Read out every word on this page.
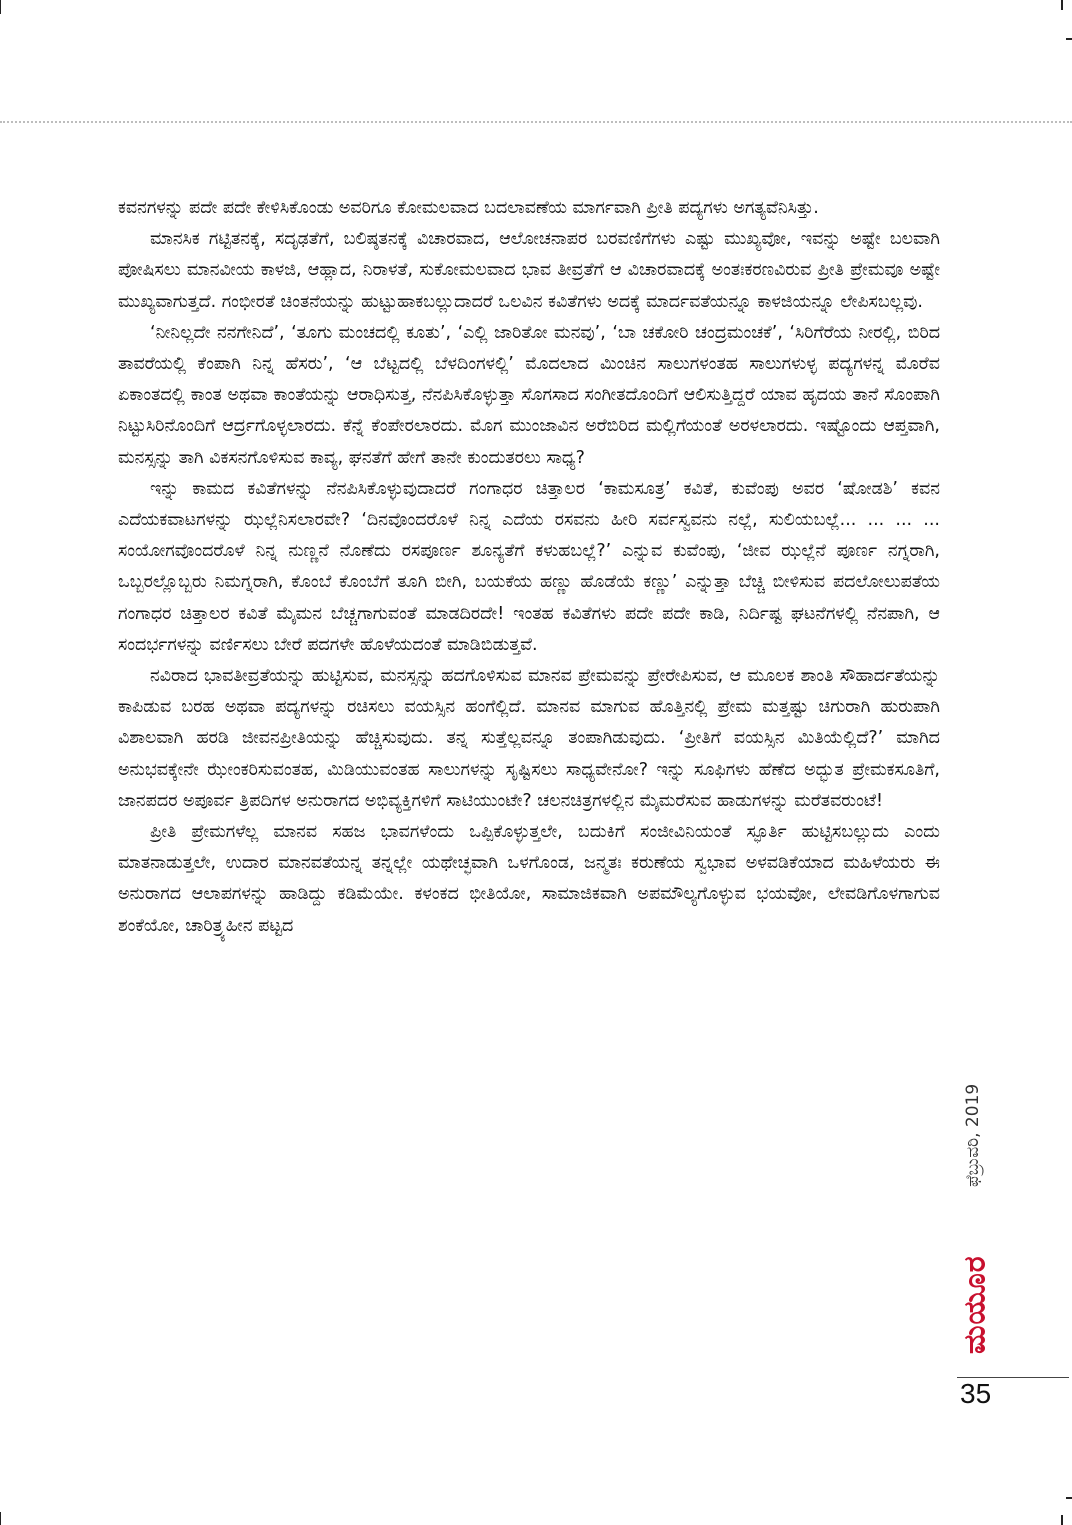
ಕವನಗಳನ್ನು ಪದೇ ಪದೇ ಕೇಳಿಸಿಕೊಂಡು ಅವರಿಗೂ ಕೋಮಲವಾದ ಬದಲಾವಣೆಯ ಮಾರ್ಗವಾಗಿ ಪ್ರೀತಿ ಪದ್ಯಗಳು ಅಗತ್ಯವೆನಿಸಿತ್ತು.

ಮಾನಸಿಕ ಗಟ್ಟಿತನಕ್ಕೆ, ಸದೃಢತೆಗೆ, ಬಲಿಷ್ಠತನಕ್ಕೆ ವಿಚಾರವಾದ, ಆಲೋಚನಾಪರ ಬರವಣಿಗೆಗಳು ಎಷ್ಟು ಮುಖ್ಯವೋ, ಇವನ್ನು ಅಷ್ಟೇ ಬಲವಾಗಿ ಪೋಷಿಸಲು ಮಾನವೀಯ ಕಾಳಜಿ, ಆಹ್ಲಾದ, ನಿರಾಳತೆ, ಸುಕೋಮಲವಾದ ಭಾವ ತೀವ್ರತೆಗೆ ಆ ವಿಚಾರವಾದಕ್ಕೆ ಅಂತಃಕರಣವಿರುವ ಪ್ರೀತಿ ಪ್ರೇಮವೂ ಅಷ್ಟೇ ಮುಖ್ಯವಾಗುತ್ತದೆ. ಗಂಭೀರತೆ ಚಿಂತನೆಯನ್ನು ಹುಟ್ಟುಹಾಕಬಲ್ಲುದಾದರೆ ಒಲವಿನ ಕವಿತೆಗಳು ಅದಕ್ಕೆ ಮಾರ್ದವತೆಯನ್ನೂ ಕಾಳಜಿಯನ್ನೂ ಲೇಪಿಸಬಲ್ಲವು.

‘ನೀನಿಲ್ಲದೇ ನನಗೇನಿದೆ’, ‘ತೂಗು ಮಂಚದಲ್ಲಿ ಕೂತು’, ‘ಎಲ್ಲಿ ಜಾರಿತೋ ಮನವು’, ‘ಬಾ ಚಕೋರಿ ಚಂದ್ರಮಂಚಕೆ’, ‘ಸಿರಿಗೆರೆಯ ನೀರಲ್ಲಿ, ಬಿರಿದ ತಾವರೆಯಲ್ಲಿ ಕೆಂಪಾಗಿ ನಿನ್ನ ಹೆಸರು’, ‘ಆ ಬೆಟ್ಟದಲ್ಲಿ ಬೆಳದಿಂಗಳಲ್ಲಿ’ ಮೊದಲಾದ ಮಿಂಚಿನ ಸಾಲುಗಳಂತಹ ಸಾಲುಗಳುಳ್ಳ ಪದ್ಯಗಳನ್ನ ಮೊರೆವ ಏಕಾಂತದಲ್ಲಿ ಕಾಂತ ಅಥವಾ ಕಾಂತೆಯನ್ನು ಆರಾಧಿಸುತ್ತ, ನೆನಪಿಸಿಕೊಳ್ಳುತ್ತಾ ಸೊಗಸಾದ ಸಂಗೀತದೊಂದಿಗೆ ಆಲಿಸುತ್ತಿದ್ದರೆ ಯಾವ ಹೃದಯ ತಾನೆ ಸೊಂಪಾಗಿ ನಿಟ್ಟುಸಿರಿನೊಂದಿಗೆ ಆರ್ದ್ರಗೊಳ್ಳಲಾರದು. ಕೆನ್ನೆ ಕೆಂಪೇರಲಾರದು. ಮೊಗ ಮುಂಜಾವಿನ ಅರೆಬಿರಿದ ಮಲ್ಲಿಗೆಯಂತೆ ಅರಳಲಾರದು. ಇಷ್ಟೊಂದು ಆಪ್ತವಾಗಿ, ಮನಸ್ಸನ್ನು ತಾಗಿ ವಿಕಸನಗೊಳಿಸುವ ಕಾವ್ಯ, ಘನತೆಗೆ ಹೇಗೆ ತಾನೇ ಕುಂದುತರಲು ಸಾಧ್ಯ?

ಇನ್ನು ಕಾಮದ ಕವಿತೆಗಳನ್ನು ನೆನಪಿಸಿಕೊಳ್ಳುವುದಾದರೆ ಗಂಗಾಧರ ಚಿತ್ತಾಲರ ‘ಕಾಮಸೂತ್ರ’ ಕವಿತೆ, ಕುವೆಂಪು ಅವರ ‘ಷೋಡಶಿ’ ಕವನ ಎದೆಯಕವಾಟಗಳನ್ನು ಝಲ್ಲೆನಿಸಲಾರವೇ? ‘ದಿನವೊಂದರೊಳೆ ನಿನ್ನ ಎದೆಯ ರಸವನು ಹೀರಿ ಸರ್ವಸ್ವವನು ನಲ್ಲೆ, ಸುಲಿಯಬಲ್ಲೆ... ... ... ... ಸಂಯೋಗವೊಂದರೊಳೆ ನಿನ್ನ ನುಣ್ಣನೆ ನೊಣೆದು ರಸಪೂರ್ಣ ಶೂನ್ಯತೆಗೆ ಕಳುಹಬಲ್ಲೆ?’ ಎನ್ನುವ ಕುವೆಂಪು, ‘ಜೀವ ಝಲ್ಲೆನೆ ಪೂರ್ಣ ನಗ್ನರಾಗಿ, ಒಬ್ಬರಲ್ಲೊಬ್ಬರು ನಿಮಗ್ನರಾಗಿ, ಕೊಂಬೆ ಕೊಂಬೆಗೆ ತೂಗಿ ಬೀಗಿ, ಬಯಕೆಯ ಹಣ್ಣು ಹೊಡೆಯೆ ಕಣ್ಣು’ ಎನ್ನುತ್ತಾ ಬೆಚ್ಚಿ ಬೀಳಿಸುವ ಪದಲೋಲುಪತೆಯ ಗಂಗಾಧರ ಚಿತ್ತಾಲರ ಕವಿತೆ ಮೈಮನ ಬೆಚ್ಚಗಾಗುವಂತೆ ಮಾಡದಿರದೇ! ಇಂತಹ ಕವಿತೆಗಳು ಪದೇ ಪದೇ ಕಾಡಿ, ನಿರ್ದಿಷ್ಟ ಘಟನೆಗಳಲ್ಲಿ ನೆನಪಾಗಿ, ಆ ಸಂದರ್ಭಗಳನ್ನು ವರ್ಣಿಸಲು ಬೇರೆ ಪದಗಳೇ ಹೊಳೆಯದಂತೆ ಮಾಡಿಬಿಡುತ್ತವೆ.

ನವಿರಾದ ಭಾವತೀವ್ರತೆಯನ್ನು ಹುಟ್ಟಿಸುವ, ಮನಸ್ಸನ್ನು ಹದಗೊಳಿಸುವ ಮಾನವ ಪ್ರೇಮವನ್ನು ಪ್ರೇರೇಪಿಸುವ, ಆ ಮೂಲಕ ಶಾಂತಿ ಸೌಹಾರ್ದತೆಯನ್ನು ಕಾಪಿಡುವ ಬರಹ ಅಥವಾ ಪದ್ಯಗಳನ್ನು ರಚಿಸಲು ವಯಸ್ಸಿನ ಹಂಗೆಲ್ಲಿದೆ. ಮಾನವ ಮಾಗುವ ಹೊತ್ತಿನಲ್ಲಿ ಪ್ರೇಮ ಮತ್ತಷ್ಟು ಚಿಗುರಾಗಿ ಹುರುಪಾಗಿ ವಿಶಾಲವಾಗಿ ಹರಡಿ ಜೀವನಪ್ರೀತಿಯನ್ನು ಹೆಚ್ಚಿಸುವುದು. ತನ್ನ ಸುತ್ತೆಲ್ಲವನ್ನೂ ತಂಪಾಗಿಡುವುದು. ‘ಪ್ರೀತಿಗೆ ವಯಸ್ಸಿನ ಮಿತಿಯೆಲ್ಲಿದೆ?’ ಮಾಗಿದ ಅನುಭವಕ್ಕೇನೇ ಝೇಂಕರಿಸುವಂತಹ, ಮಿಡಿಯುವಂತಹ ಸಾಲುಗಳನ್ನು ಸೃಷ್ಟಿಸಲು ಸಾಧ್ಯವೇನೋ? ಇನ್ನು ಸೂಫಿಗಳು ಹೆಣೆದ ಅದ್ಭುತ ಪ್ರೇಮಕಸೂತಿಗೆ, ಜಾನಪದರ ಅಪೂರ್ವ ತ್ರಿಪದಿಗಳ ಅನುರಾಗದ ಅಭಿವ್ಯಕ್ತಿಗಳಿಗೆ ಸಾಟಿಯುಂಟೇ? ಚಲನಚಿತ್ರಗಳಲ್ಲಿನ ಮೈಮರೆಸುವ ಹಾಡುಗಳನ್ನು ಮರೆತವರುಂಟೆ!

ಪ್ರೀತಿ ಪ್ರೇಮಗಳೆಲ್ಲ ಮಾನವ ಸಹಜ ಭಾವಗಳೆಂದು ಒಪ್ಪಿಕೊಳ್ಳುತ್ತಲೇ, ಬದುಕಿಗೆ ಸಂಜೀವಿನಿಯಂತೆ ಸ್ಫೂರ್ತಿ ಹುಟ್ಟಿಸಬಲ್ಲುದು ಎಂದು ಮಾತನಾಡುತ್ತಲೇ, ಉದಾರ ಮಾನವತೆಯನ್ನ ತನ್ನಲ್ಲೇ ಯಥೇಚ್ಛವಾಗಿ ಒಳಗೊಂಡ, ಜನ್ಮತಃ ಕರುಣೆಯ ಸ್ವಭಾವ ಅಳವಡಿಕೆಯಾದ ಮಹಿಳೆಯರು ಈ ಅನುರಾಗದ ಆಲಾಪಗಳನ್ನು ಹಾಡಿದ್ದು ಕಡಿಮೆಯೇ. ಕಳಂಕದ ಭೀತಿಯೋ, ಸಾಮಾಜಿಕವಾಗಿ ಅಪಮೌಲ್ಯಗೊಳ್ಳುವ ಭಯವೋ, ಲೇವಡಿಗೊಳಗಾಗುವ ಶಂಕೆಯೋ, ಚಾರಿತ್ರ್ಯಹೀನ ಪಟ್ಟದ

ಫೆಬ್ರುವರಿ, 2019
ಮಯೂರ
35
